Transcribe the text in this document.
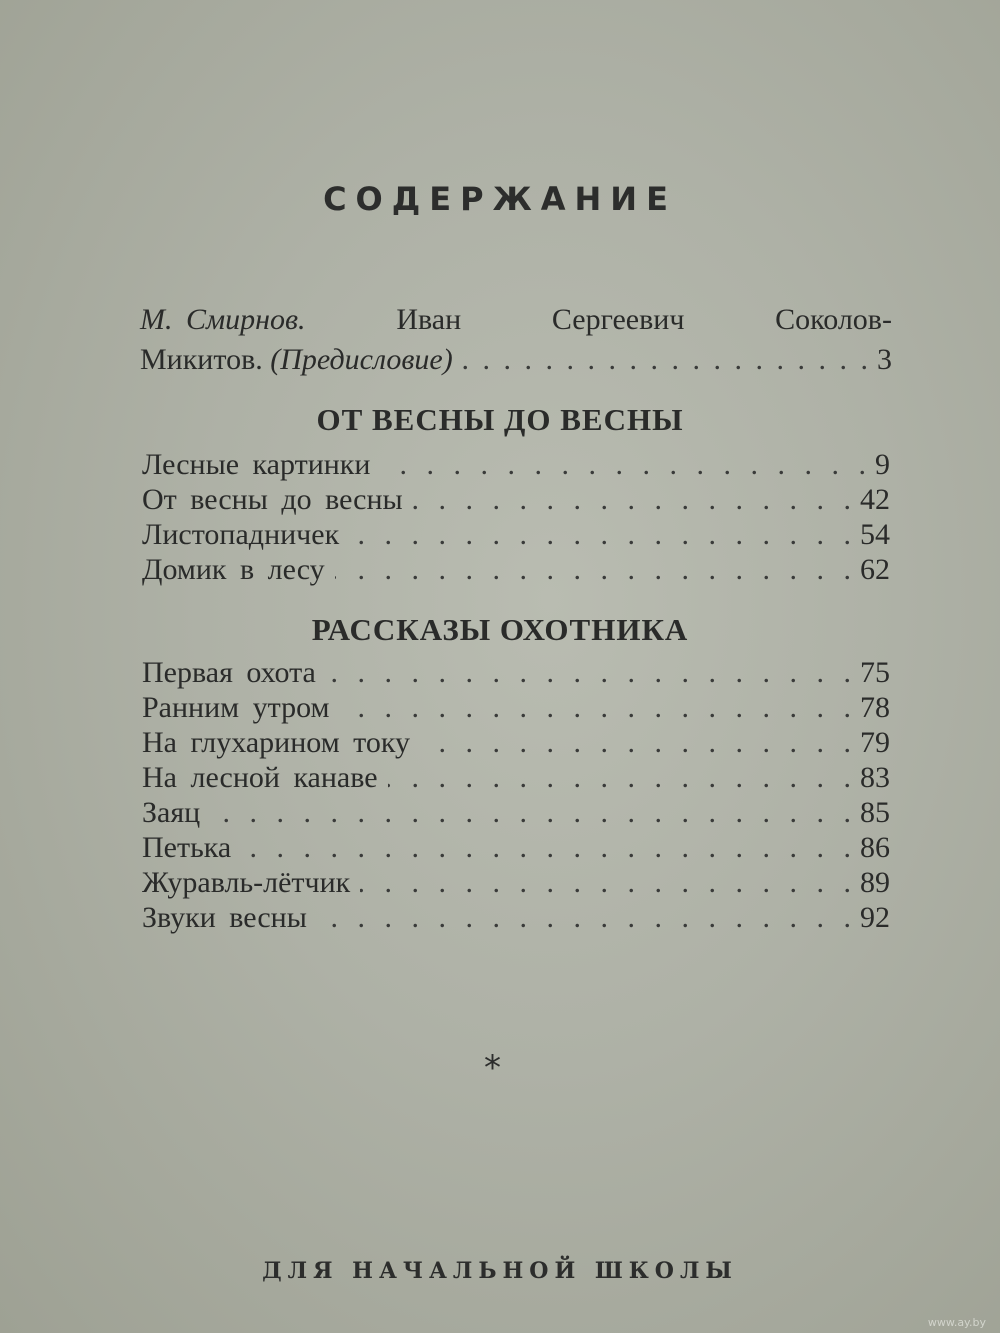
СОДЕРЖАНИЕ
М. Смирнов.	Иван	Сергеевич	Соколов-
Микитов. (Предисловие) . . .	3
ОТ ВЕСНЫ ДО ВЕСНЫ
Лесные картинки . . .	9
От весны до весны . . .	42
Листопадничек . . .	54
Домик в лесу . . .	62
РАССКАЗЫ ОХОТНИКА
Первая охота . . .	75
Ранним утром . . .	78
На глухарином току . . .	79
На лесной канаве . . .	83
Заяц . . .	85
Петька . . .	86
Журавль-лётчик . . .	89
Звуки весны . . .	92
*
ДЛЯ НАЧАЛЬНОЙ ШКОЛЫ
www.ay.by
